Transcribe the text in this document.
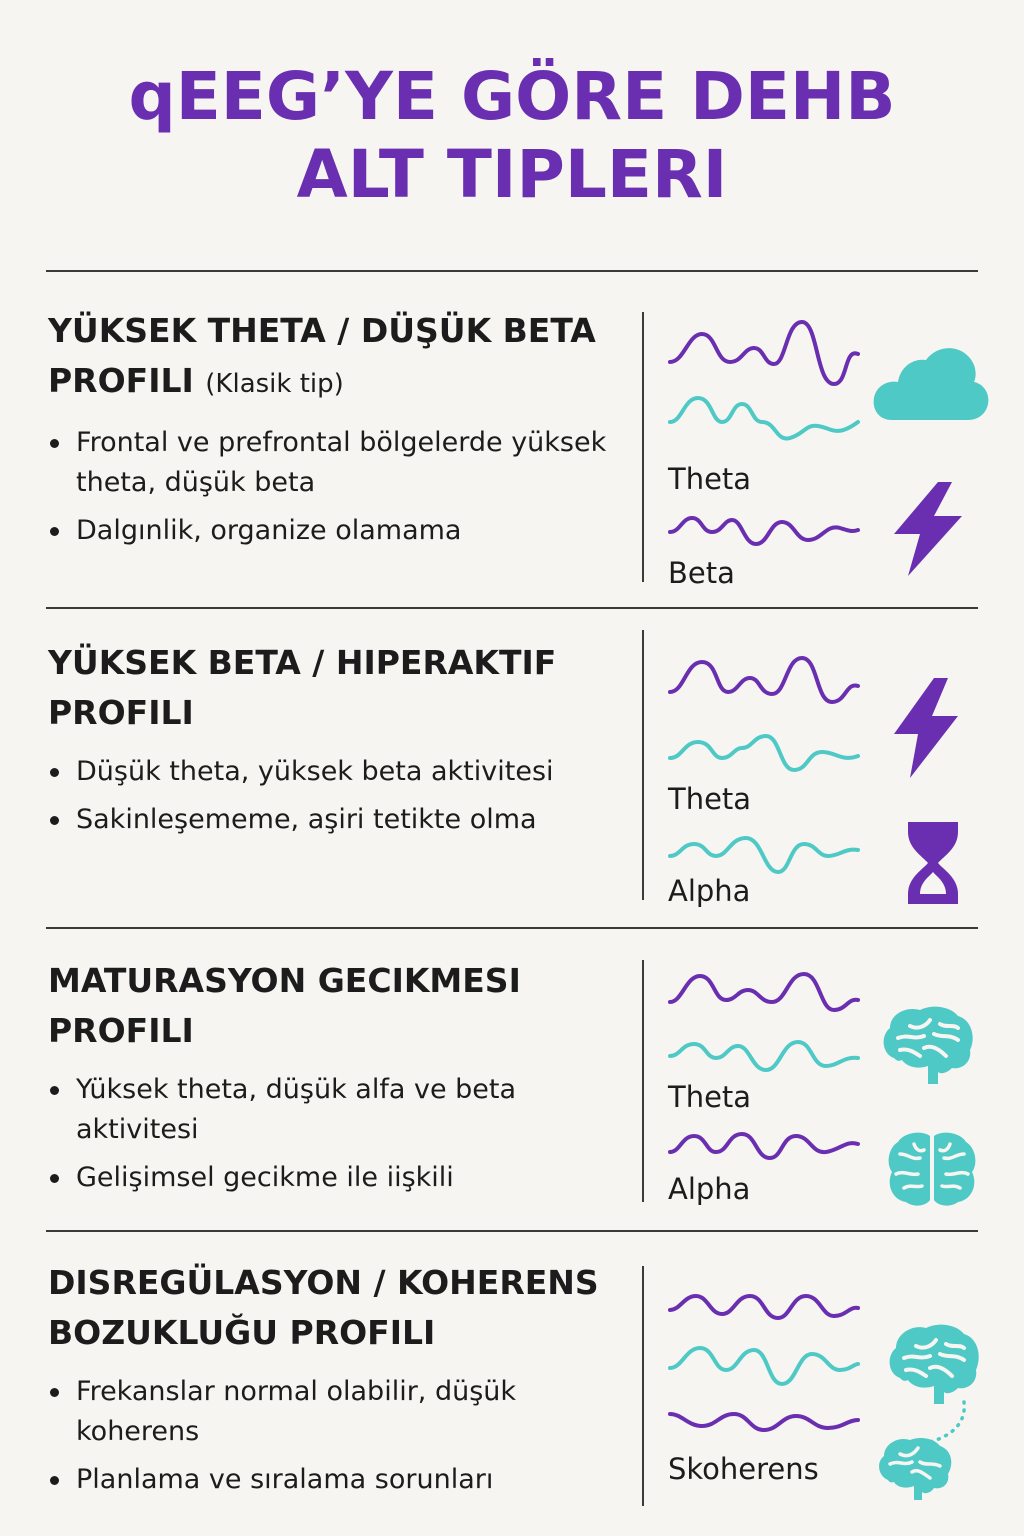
qEEG’YE GÖRE DEHB
ALT TIPLERI
YÜKSEK THETA / DÜŞÜK BETA
PROFILI (Klasik tip)
Frontal ve prefrontal bölgelerde yüksek theta, düşük beta
Dalgınlik, organize olamama
Theta
Beta
YÜKSEK BETA / HIPERAKTIF
PROFILI
Düşük theta, yüksek beta aktivitesi
Sakinleşememe, aşiri tetikte olma
Theta
Alpha
MATURASYON GECIKMESI
PROFILI
Yüksek theta, düşük alfa ve beta aktivitesi
Gelişimsel gecikme ile iişkili
Theta
Alpha
DISREGÜLASYON / KOHERENS
BOZUKLUĞU PROFILI
Frekanslar normal olabilir, düşük koherens
Planlama ve sıralama sorunları	Skoherens
